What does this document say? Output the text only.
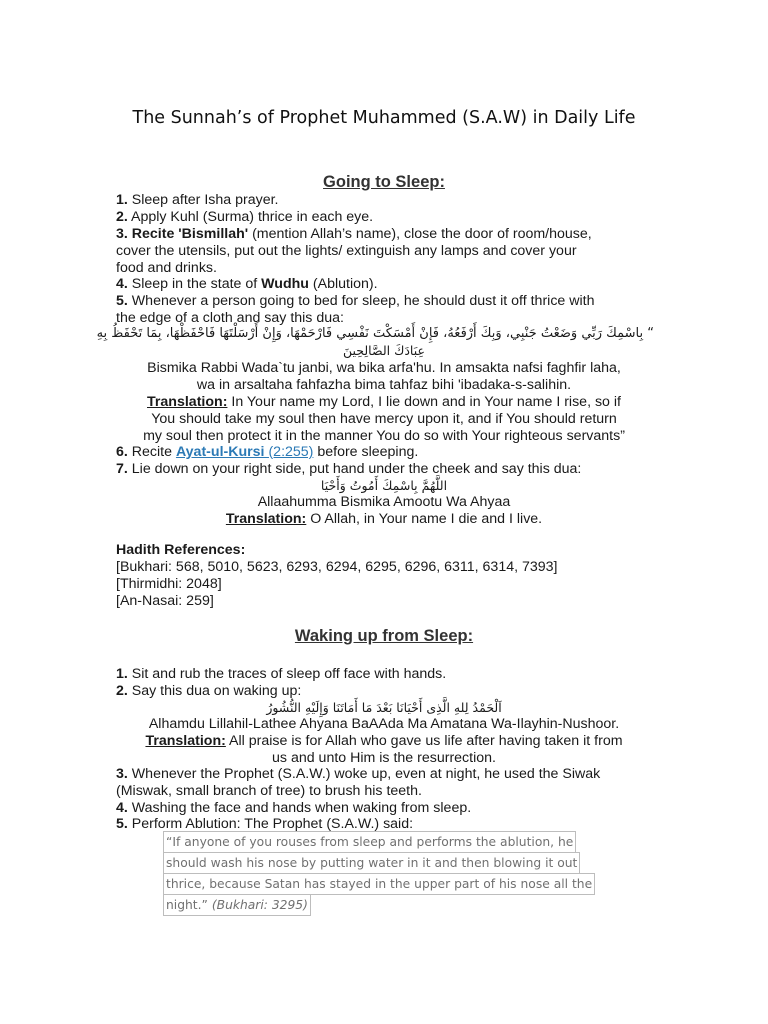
The Sunnah’s of Prophet Muhammed (S.A.W) in Daily Life
Going to Sleep:
1. Sleep after Isha prayer.
2. Apply Kuhl (Surma) thrice in each eye.
3. Recite 'Bismillah' (mention Allah’s name), close the door of room/house,
cover the utensils, put out the lights/ extinguish any lamps and cover your
food and drinks.
4. Sleep in the state of Wudhu (Ablution).
5. Whenever a person going to bed for sleep, he should dust it off thrice with
the edge of a cloth and say this dua:
“ بِاسْمِكَ رَبِّي وَضَعْتُ جَنْبِي، وَبِكَ أَرْفَعُهُ، فَإِنْ أَمْسَكْتَ نَفْسِي فَارْحَمْهَا، وَإِنْ أَرْسَلْتَهَا فَاحْفَظْهَا، بِمَا تَحْفَظُ بِهِ
عِبَادَكَ الصَّالِحِينَ
Bismika Rabbi Wada`tu janbi, wa bika arfa'hu. In amsakta nafsi faghfir laha,
wa in arsaltaha fahfazha bima tahfaz bihi 'ibadaka-s-salihin.
Translation: In Your name my Lord, I lie down and in Your name I rise, so if
You should take my soul then have mercy upon it, and if You should return
my soul then protect it in the manner You do so with Your righteous servants”
6. Recite Ayat-ul-Kursi (2:255) before sleeping.
7. Lie down on your right side, put hand under the cheek and say this dua:
اللَّهُمَّ بِاسْمِكَ أَمُوتُ وَأَحْيَا
Allaahumma Bismika Amootu Wa Ahyaa
Translation: O Allah, in Your name I die and I live.
Hadith References:
[Bukhari: 568, 5010, 5623, 6293, 6294, 6295, 6296, 6311, 6314, 7393]
[Thirmidhi: 2048]
[An-Nasai: 259]
Waking up from Sleep:
1. Sit and rub the traces of sleep off face with hands.
2. Say this dua on waking up:
اَلْحَمْدُ لِلهِ الَّذِى أَحْيَانَا بَعْدَ مَا أَمَاتَنَا وَإِلَيْهِ النُّشُورُ
Alhamdu Lillahil-Lathee Ahyana BaAAda Ma Amatana Wa-Ilayhin-Nushoor.
Translation: All praise is for Allah who gave us life after having taken it from
us and unto Him is the resurrection.
3. Whenever the Prophet (S.A.W.) woke up, even at night, he used the Siwak
(Miswak, small branch of tree) to brush his teeth.
4. Washing the face and hands when waking from sleep.
5. Perform Ablution: The Prophet (S.A.W.) said:
“If anyone of you rouses from sleep and performs the ablution, he
should wash his nose by putting water in it and then blowing it out
thrice, because Satan has stayed in the upper part of his nose all the
night.” (Bukhari: 3295)
